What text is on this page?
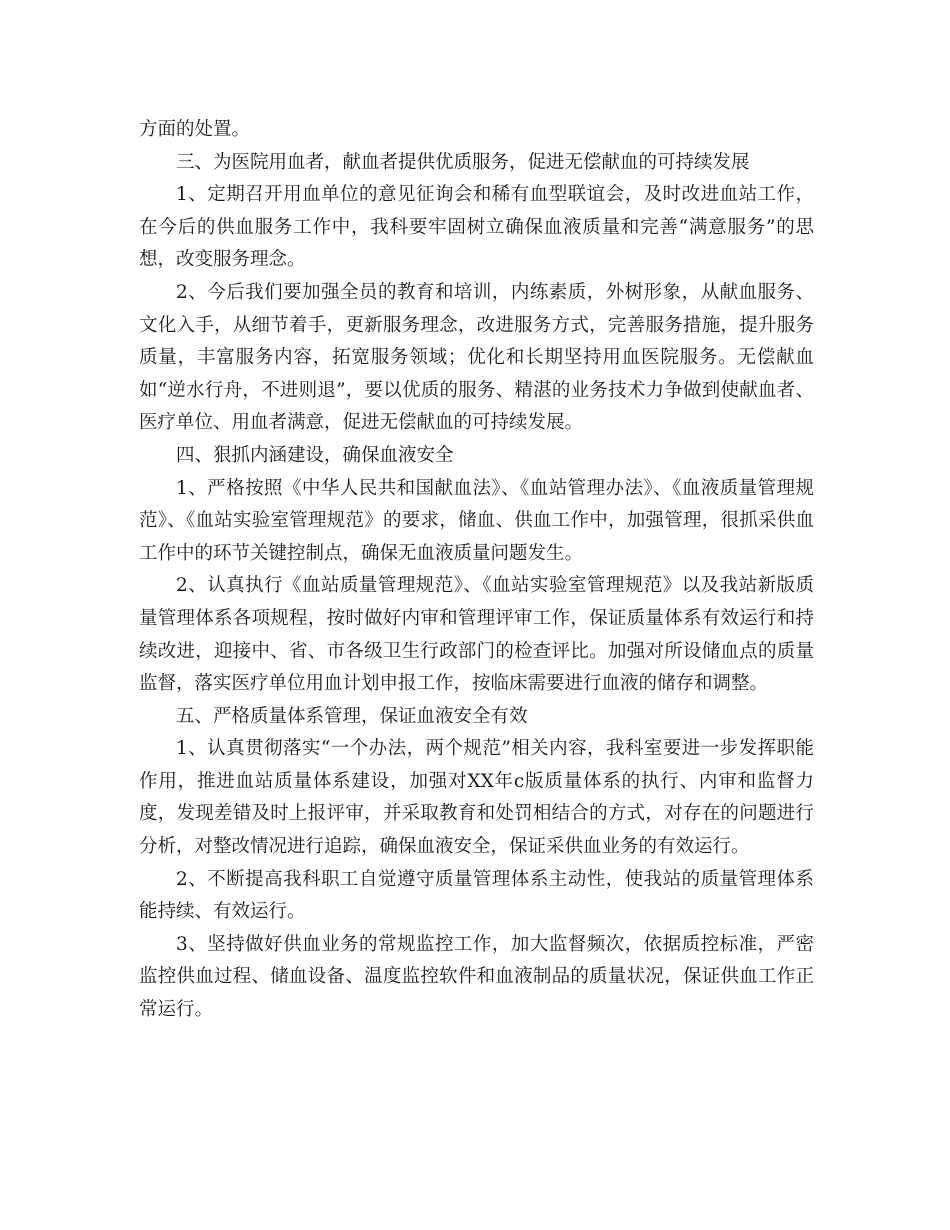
方面的处置。

三、为医院用血者，献血者提供优质服务，促进无偿献血的可持续发展

1、定期召开用血单位的意见征询会和稀有血型联谊会，及时改进血站工作，在今后的供血服务工作中，我科要牢固树立确保血液质量和完善“满意服务”的思想，改变服务理念。

2、今后我们要加强全员的教育和培训，内练素质，外树形象，从献血服务、文化入手，从细节着手，更新服务理念，改进服务方式，完善服务措施，提升服务质量，丰富服务内容，拓宽服务领域；优化和长期坚持用血医院服务。无偿献血如“逆水行舟，不进则退”，要以优质的服务、精湛的业务技术力争做到使献血者、医疗单位、用血者满意，促进无偿献血的可持续发展。

四、狠抓内涵建设，确保血液安全

1、严格按照《中华人民共和国献血法》、《血站管理办法》、《血液质量管理规范》、《血站实验室管理规范》的要求，储血、供血工作中，加强管理，很抓采供血工作中的环节关键控制点，确保无血液质量问题发生。

2、认真执行《血站质量管理规范》、《血站实验室管理规范》以及我站新版质量管理体系各项规程，按时做好内审和管理评审工作，保证质量体系有效运行和持续改进，迎接中、省、市各级卫生行政部门的检查评比。加强对所设储血点的质量监督，落实医疗单位用血计划申报工作，按临床需要进行血液的储存和调整。

五、严格质量体系管理，保证血液安全有效

1、认真贯彻落实“一个办法，两个规范”相关内容，我科室要进一步发挥职能作用，推进血站质量体系建设，加强对XX年c版质量体系的执行、内审和监督力度，发现差错及时上报评审，并采取教育和处罚相结合的方式，对存在的问题进行分析，对整改情况进行追踪，确保血液安全，保证采供血业务的有效运行。

2、不断提高我科职工自觉遵守质量管理体系主动性，使我站的质量管理体系能持续、有效运行。

3、坚持做好供血业务的常规监控工作，加大监督频次，依据质控标准，严密监控供血过程、储血设备、温度监控软件和血液制品的质量状况，保证供血工作正常运行。
